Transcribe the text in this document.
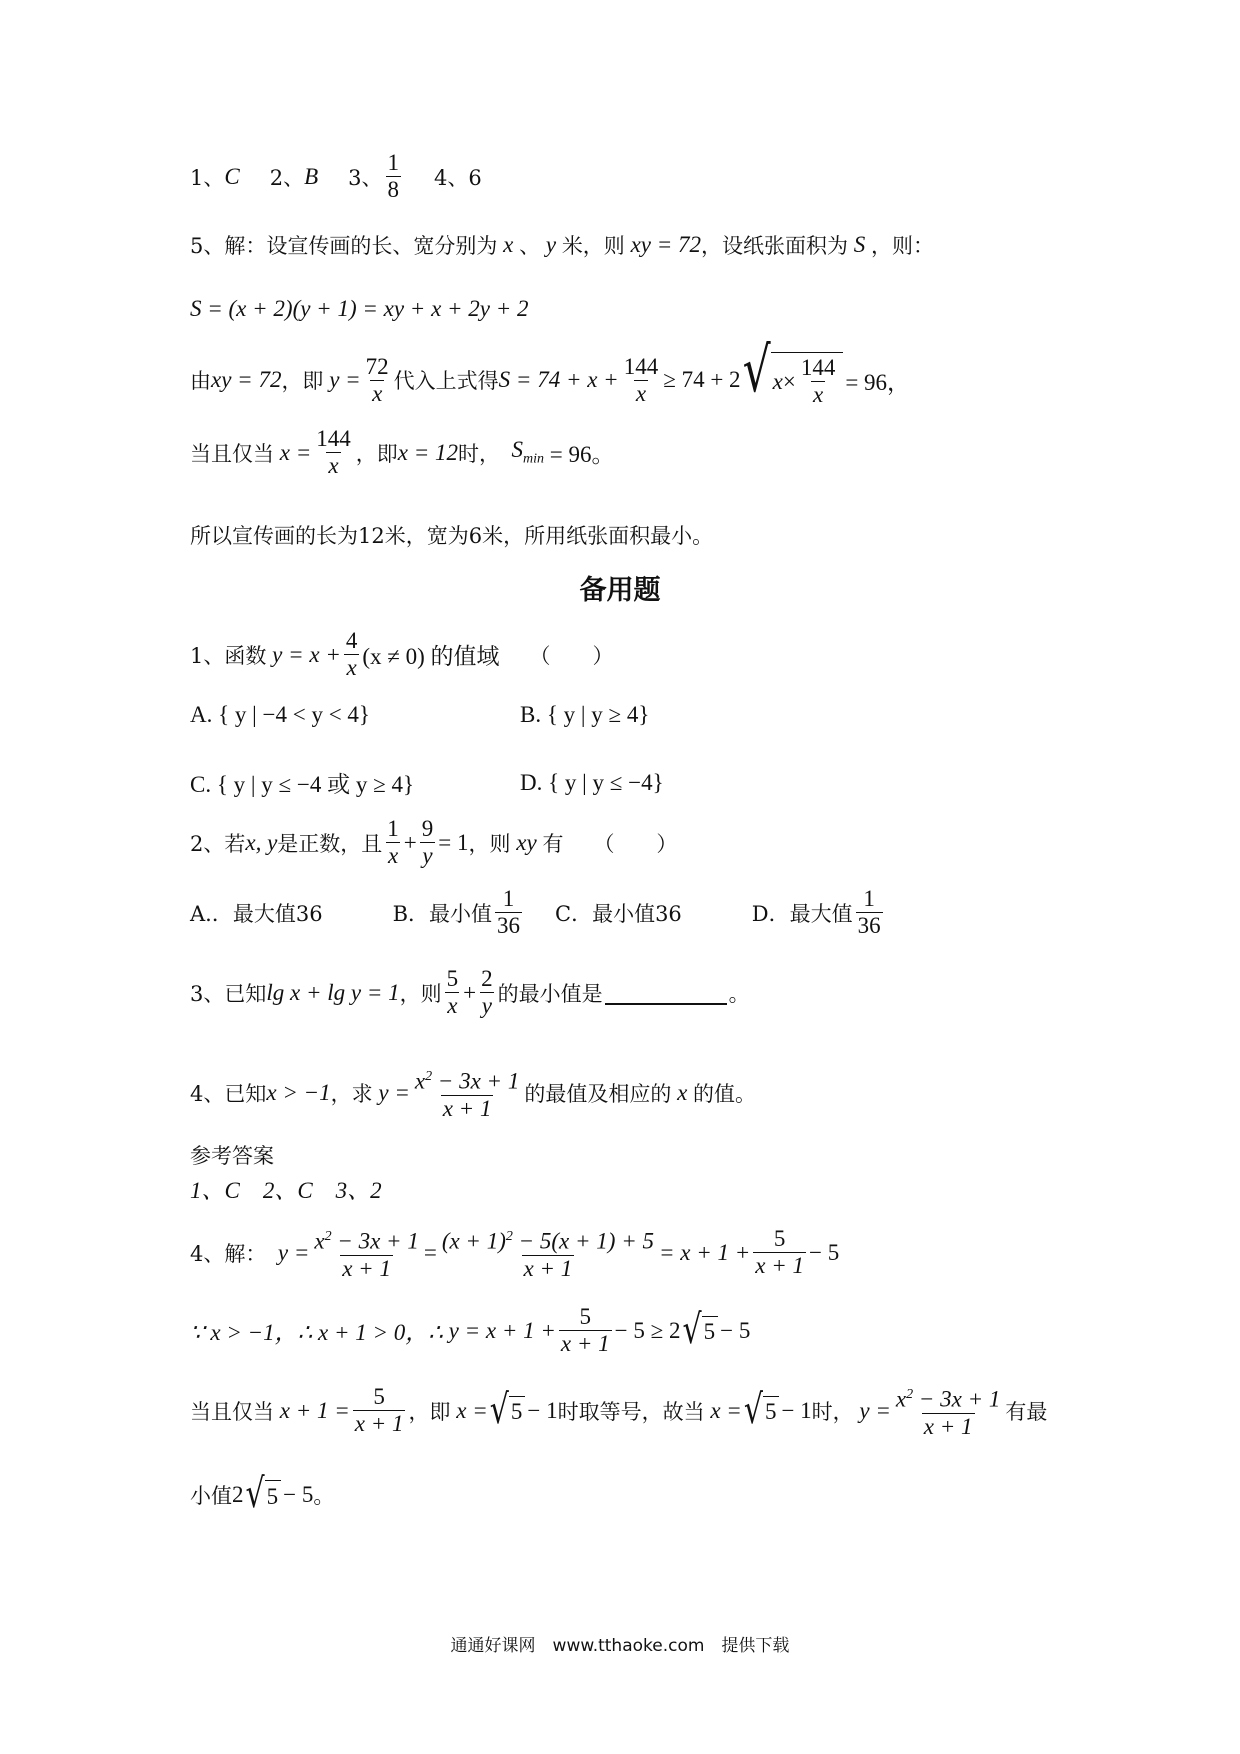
1、 C 2、 B 3、 $\frac{1}{8} 4$、6
5、解：设宣传画的长、宽分别为 x 、 y 米，则 xy = 72 ，设纸张面积为 S ，则：
S = (x + 2)(y + 1) = xy + x + 2y + 2
由 xy = 72 ，即 $y = \frac{72}{x}$ 代入上式得 $S = 74 + x + \frac{144}{x} \ge 74 + 2$ √ $x \times \frac{144}{x} = 96$，
当且仅当 $x = \frac{144}{x}$ ，即 x = 12 时， $S_{min} = 96$。
所以宣传画的长为12米，宽为6米，所用纸张面积最小。
备用题
1、函数 $y = x + \frac{4}{x} (x \ne 0)$ 的值域 （　　）
A. { y | −4 < y < 4}	B. { y | y ≥ 4}
C. { y | y ≤ −4 或 y ≥ 4}	D. { y | y ≤ −4}
2、若 x, y 是正数，且 $\frac{1}{x} + \frac{9}{y} = 1$ ，则 xy 有 （　　）
A.．最大值36	B．最小值 $\frac{1}{36}$ C．最小值36	D．最大值 $\frac{1}{36}$
3、已知 lg x + lg y = 1 ，则 $\frac{5}{x} + \frac{2}{y}$ 的最小值是	。
4、已知 x > −1 ，求 $y = \frac{x^2 - 3x + 1}{x + 1}$ 的最值及相应的 x 的值。
参考答案
1、C　2、C　3、2
4、解： $y = \frac{x^2 - 3x + 1}{x + 1} = \frac{(x + 1)^2 - 5(x + 1) + 5}{x + 1} = x + 1 + \frac{5}{x + 1} - 5$
∵ x > −1，∴ x + 1 > 0，∴ $y = x + 1 + \frac{5}{x + 1} - 5 \ge 2$ √ 5 − 5
当且仅当 $x + 1 = \frac{5}{x + 1}$ ，即 x = √ 5 − 1 时取等号，故当 x = √ 5 − 1 时， $y = \frac{x^2 - 3x + 1}{x + 1}$ 有最
小值 2 √ 5 − 5 。
通通好课网　www.tthaoke.com　提供下载
